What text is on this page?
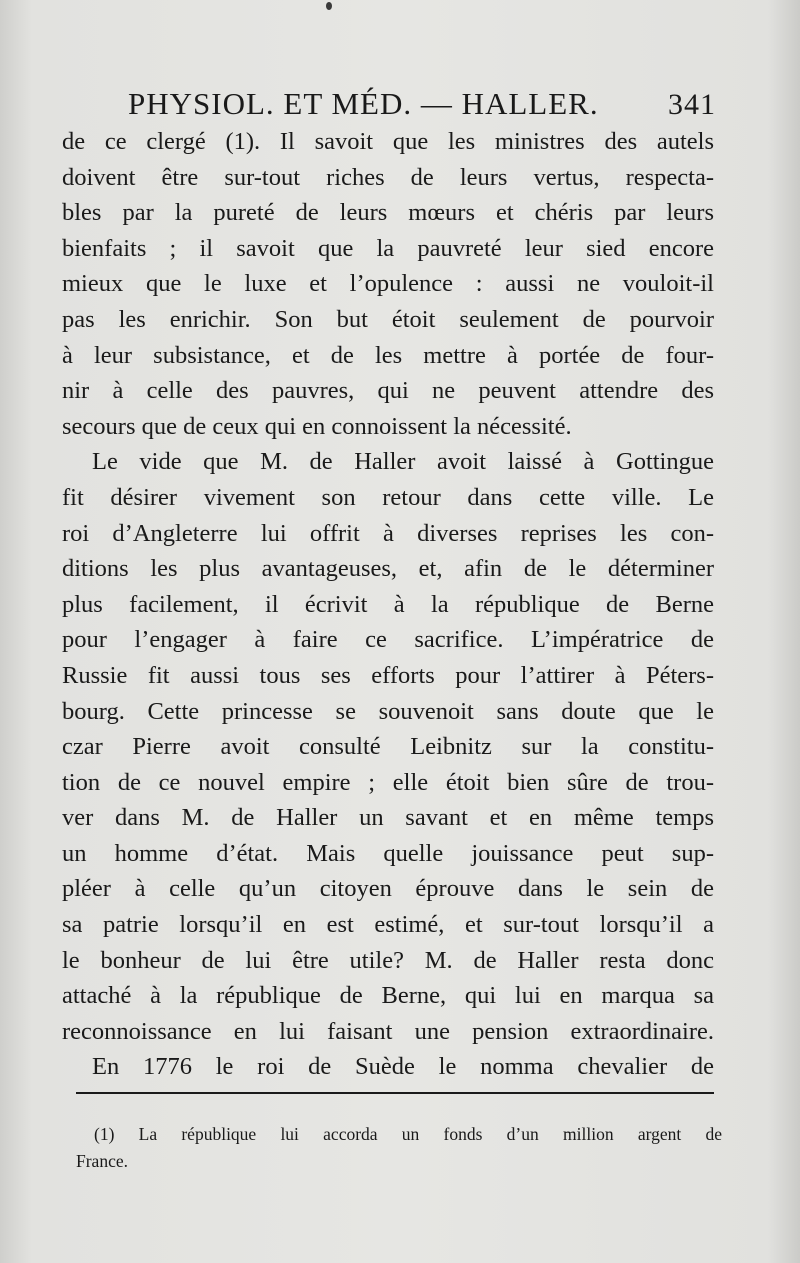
PHYSIOL. ET MÉD. — HALLER. 341
de ce clergé (1). Il savoit que les ministres des autels
doivent être sur-tout riches de leurs vertus, respecta-
bles par la pureté de leurs mœurs et chéris par leurs
bienfaits ; il savoit que la pauvreté leur sied encore
mieux que le luxe et l’opulence : aussi ne vouloit-il
pas les enrichir. Son but étoit seulement de pourvoir
à leur subsistance, et de les mettre à portée de four-
nir à celle des pauvres, qui ne peuvent attendre des
secours que de ceux qui en connoissent la nécessité.
Le vide que M. de Haller avoit laissé à Gottingue
fit désirer vivement son retour dans cette ville. Le
roi d’Angleterre lui offrit à diverses reprises les con-
ditions les plus avantageuses, et, afin de le déterminer
plus facilement, il écrivit à la république de Berne
pour l’engager à faire ce sacrifice. L’impératrice de
Russie fit aussi tous ses efforts pour l’attirer à Péters-
bourg. Cette princesse se souvenoit sans doute que le
czar Pierre avoit consulté Leibnitz sur la constitu-
tion de ce nouvel empire ; elle étoit bien sûre de trou-
ver dans M. de Haller un savant et en même temps
un homme d’état. Mais quelle jouissance peut sup-
pléer à celle qu’un citoyen éprouve dans le sein de
sa patrie lorsqu’il en est estimé, et sur-tout lorsqu’il a
le bonheur de lui être utile? M. de Haller resta donc
attaché à la république de Berne, qui lui en marqua sa
reconnoissance en lui faisant une pension extraordinaire.
En 1776 le roi de Suède le nomma chevalier de
(1) La république lui accorda un fonds d’un million argent de
France.
